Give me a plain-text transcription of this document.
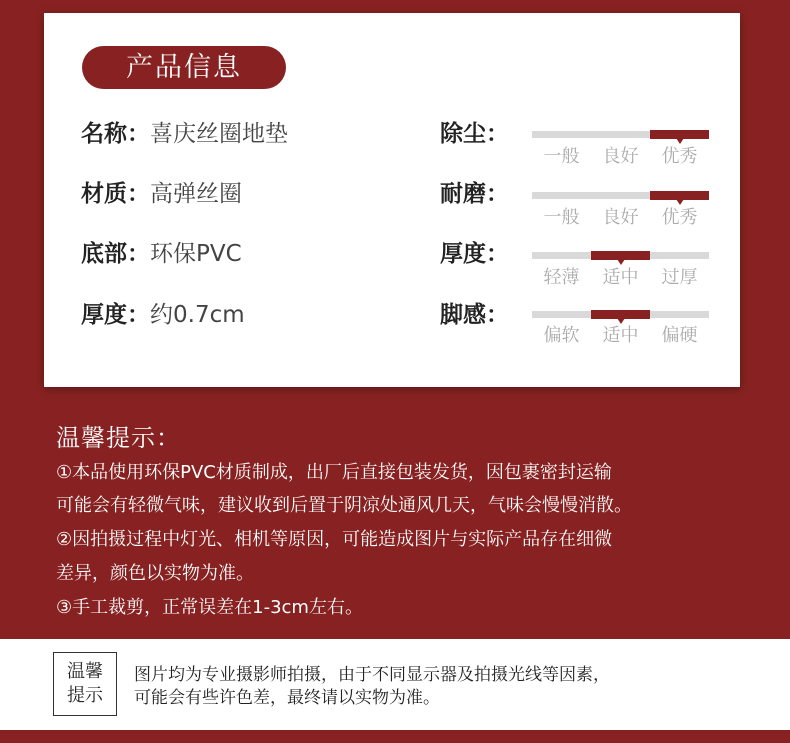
产品信息
名称：喜庆丝圈地垫
材质：高弹丝圈
底部：环保PVC
厚度：约0.7cm
除尘：
一般	良好	优秀
耐磨：
一般	良好	优秀
厚度：
轻薄	适中	过厚
脚感：
偏软	适中	偏硬
温馨提示：
①本品使用环保PVC材质制成，出厂后直接包装发货，因包裹密封运输
可能会有轻微气味，建议收到后置于阴凉处通风几天，气味会慢慢消散。
②因拍摄过程中灯光、相机等原因，可能造成图片与实际产品存在细微
差异，颜色以实物为准。
③手工裁剪，正常误差在1-3cm左右。
温馨
提示
图片均为专业摄影师拍摄，由于不同显示器及拍摄光线等因素，
可能会有些许色差，最终请以实物为准。
